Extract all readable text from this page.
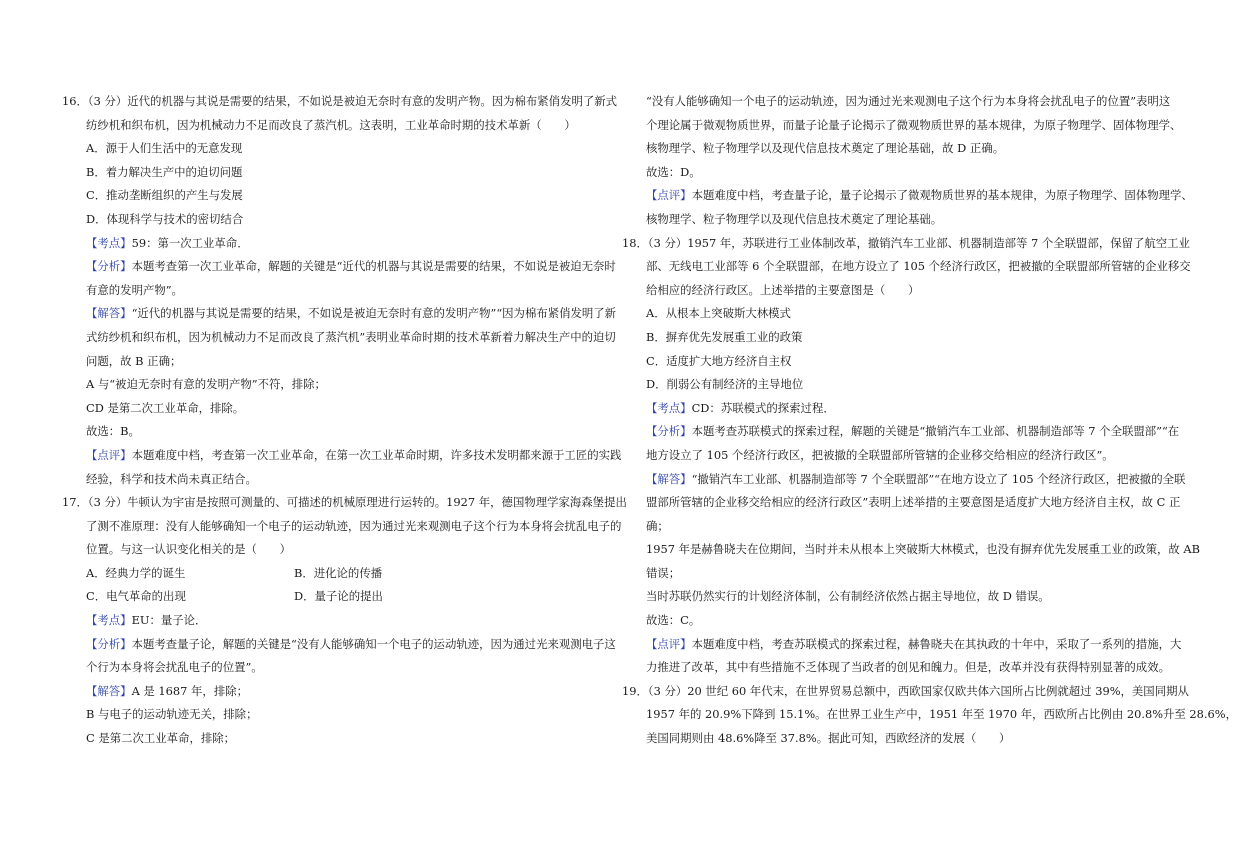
16．（3 分）近代的机器与其说是需要的结果，不如说是被迫无奈时有意的发明产物。因为棉布紧俏发明了新式
纺纱机和织布机，因为机械动力不足而改良了蒸汽机。这表明，工业革命时期的技术革新（　　）
A．源于人们生活中的无意发现
B．着力解决生产中的迫切问题
C．推动垄断组织的产生与发展
D．体现科学与技术的密切结合
【考点】59：第一次工业革命．
【分析】本题考查第一次工业革命，解题的关键是“近代的机器与其说是需要的结果，不如说是被迫无奈时
有意的发明产物”。
【解答】“近代的机器与其说是需要的结果，不如说是被迫无奈时有意的发明产物”“因为棉布紧俏发明了新
式纺纱机和织布机，因为机械动力不足而改良了蒸汽机”表明业革命时期的技术革新着力解决生产中的迫切
问题，故 B 正确；
A 与“被迫无奈时有意的发明产物”不符，排除；
CD 是第二次工业革命，排除。
故选：B。
【点评】本题难度中档，考查第一次工业革命，在第一次工业革命时期，许多技术发明都来源于工匠的实践
经验，科学和技术尚未真正结合。
17．（3 分）牛顿认为宇宙是按照可测量的、可描述的机械原理进行运转的。1927 年，德国物理学家海森堡提出
了测不准原理：没有人能够确知一个电子的运动轨迹，因为通过光来观测电子这个行为本身将会扰乱电子的
位置。与这一认识变化相关的是（　　）
A．经典力学的诞生	B．进化论的传播
C．电气革命的出现	D．量子论的提出
【考点】EU：量子论．
【分析】本题考查量子论，解题的关键是“没有人能够确知一个电子的运动轨迹，因为通过光来观测电子这
个行为本身将会扰乱电子的位置”。
【解答】A 是 1687 年，排除；
B 与电子的运动轨迹无关，排除；
C 是第二次工业革命，排除；
“没有人能够确知一个电子的运动轨迹，因为通过光来观测电子这个行为本身将会扰乱电子的位置”表明这
个理论属于微观物质世界，而量子论量子论揭示了微观物质世界的基本规律，为原子物理学、固体物理学、
核物理学、粒子物理学以及现代信息技术奠定了理论基础，故 D 正确。
故选：D。
【点评】本题难度中档，考查量子论，量子论揭示了微观物质世界的基本规律，为原子物理学、固体物理学、
核物理学、粒子物理学以及现代信息技术奠定了理论基础。
18．（3 分）1957 年，苏联进行工业体制改革，撤销汽车工业部、机器制造部等 7 个全联盟部，保留了航空工业
部、无线电工业部等 6 个全联盟部，在地方设立了 105 个经济行政区，把被撤的全联盟部所管辖的企业移交
给相应的经济行政区。上述举措的主要意图是（　　）
A．从根本上突破斯大林模式
B．摒弃优先发展重工业的政策
C．适度扩大地方经济自主权
D．削弱公有制经济的主导地位
【考点】CD：苏联模式的探索过程．
【分析】本题考查苏联模式的探索过程，解题的关键是“撤销汽车工业部、机器制造部等 7 个全联盟部”“在
地方设立了 105 个经济行政区，把被撤的全联盟部所管辖的企业移交给相应的经济行政区”。
【解答】“撤销汽车工业部、机器制造部等 7 个全联盟部”“在地方设立了 105 个经济行政区，把被撤的全联
盟部所管辖的企业移交给相应的经济行政区”表明上述举措的主要意图是适度扩大地方经济自主权，故 C 正
确；
1957 年是赫鲁晓夫在位期间，当时并未从根本上突破斯大林模式，也没有摒弃优先发展重工业的政策，故 AB
错误；
当时苏联仍然实行的计划经济体制，公有制经济依然占据主导地位，故 D 错误。
故选：C。
【点评】本题难度中档，考查苏联模式的探索过程，赫鲁晓夫在其执政的十年中，采取了一系列的措施，大
力推进了改革，其中有些措施不乏体现了当政者的创见和魄力。但是，改革并没有获得特别显著的成效。
19．（3 分）20 世纪 60 年代末，在世界贸易总额中，西欧国家仅欧共体六国所占比例就超过 39%，美国同期从
1957 年的 20.9%下降到 15.1%。在世界工业生产中，1951 年至 1970 年，西欧所占比例由 20.8%升至 28.6%，
美国同期则由 48.6%降至 37.8%。据此可知，西欧经济的发展（　　）
